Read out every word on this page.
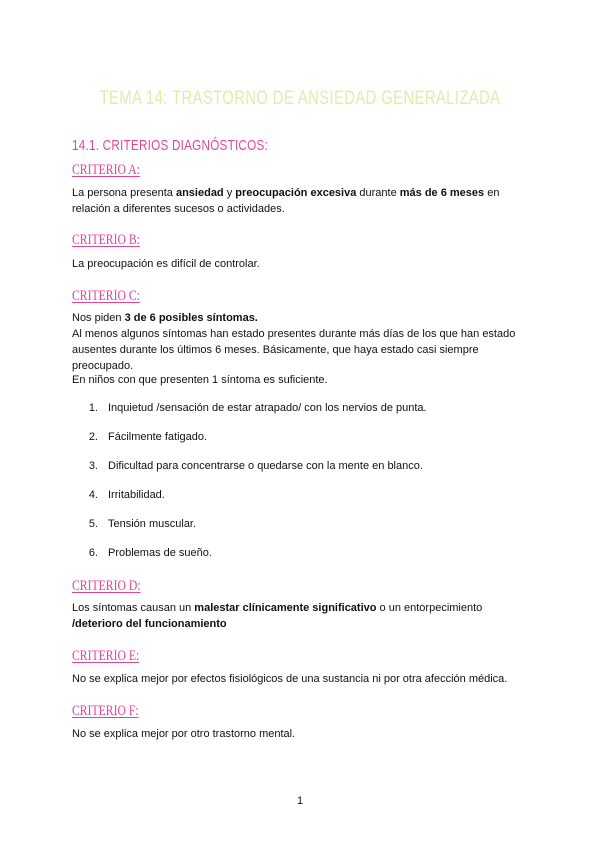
TEMA 14: TRASTORNO DE ANSIEDAD GENERALIZADA
14.1. CRITERIOS DIAGNÓSTICOS:
CRITERIO A:
La persona presenta ansiedad y preocupación excesiva durante más de 6 meses en relación a diferentes sucesos o actividades.
CRITERIO B:
La preocupación es difícil de controlar.
CRITERIO C:
Nos piden 3 de 6 posibles síntomas.
Al menos algunos síntomas han estado presentes durante más días de los que han estado ausentes durante los últimos 6 meses. Básicamente, que haya estado casi siempre preocupado.
En niños con que presenten 1 síntoma es suficiente.
1. Inquietud /sensación de estar atrapado/ con los nervios de punta.
2. Fácilmente fatigado.
3. Dificultad para concentrarse o quedarse con la mente en blanco.
4. Irritabilidad.
5. Tensión muscular.
6. Problemas de sueño.
CRITERIO D:
Los síntomas causan un malestar clínicamente significativo o un entorpecimiento /deterioro del funcionamiento
CRITERIO E:
No se explica mejor por efectos fisiológicos de una sustancia ni por otra afección médica.
CRITERIO F:
No se explica mejor por otro trastorno mental.
1
